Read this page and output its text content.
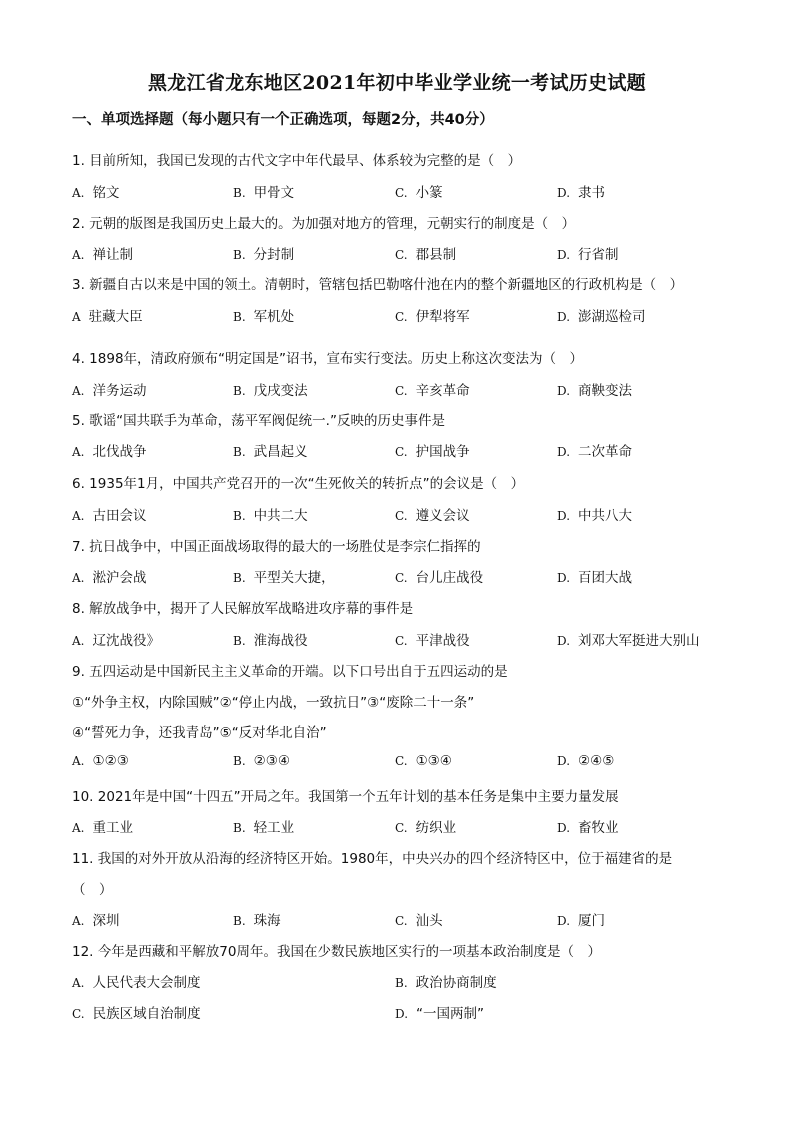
黑龙江省龙东地区2021年初中毕业学业统一考试历史试题
一、单项选择题（每小题只有一个正确选项，每题2分，共40分）
1. 目前所知，我国已发现的古代文字中年代最早、体系较为完整的是（　）
A. 铭文	B. 甲骨文	C. 小篆	D. 隶书
2. 元朝的版图是我国历史上最大的。为加强对地方的管理，元朝实行的制度是（　）
A. 禅让制	B. 分封制	C. 郡县制	D. 行省制
3. 新疆自古以来是中国的领土。清朝时，管辖包括巴勒喀什池在内的整个新疆地区的行政机构是（　）
A 驻藏大臣	B. 军机处	C. 伊犁将军	D. 澎湖巡检司
4. 1898年，清政府颁布“明定国是”诏书，宣布实行变法。历史上称这次变法为（　）
A. 洋务运动	B. 戊戌变法	C. 辛亥革命	D. 商鞅变法
5. 歌谣“国共联手为革命，荡平军阀促统一.”反映的历史事件是
A. 北伐战争	B. 武昌起义	C. 护国战争	D. 二次革命
6. 1935年1月，中国共产党召开的一次“生死攸关的转折点”的会议是（　）
A. 古田会议	B. 中共二大	C. 遵义会议	D. 中共八大
7. 抗日战争中，中国正面战场取得的最大的一场胜仗是李宗仁指挥的
A. 淞沪会战	B. 平型关大捷，	C. 台儿庄战役	D. 百团大战
8. 解放战争中，揭开了人民解放军战略进攻序幕的事件是
A. 辽沈战役》	B. 淮海战役	C. 平津战役	D. 刘邓大军挺进大别山
9. 五四运动是中国新民主主义革命的开端。以下口号出自于五四运动的是
①“外争主权，内除国贼”②“停止内战，一致抗日”③“废除二十一条”
④“誓死力争，还我青岛”⑤“反对华北自治”
A. ①②③	B. ②③④	C. ①③④	D. ②④⑤
10. 2021年是中国“十四五”开局之年。我国第一个五年计划的基本任务是集中主要力量发展
A. 重工业	B. 轻工业	C. 纺织业	D. 畜牧业
11. 我国的对外开放从沿海的经济特区开始。1980年，中央兴办的四个经济特区中，位于福建省的是
（　）
A. 深圳	B. 珠海	C. 汕头	D. 厦门
12. 今年是西藏和平解放70周年。我国在少数民族地区实行的一项基本政治制度是（　）
A. 人民代表大会制度	B. 政治协商制度
C. 民族区域自治制度	D. “一国两制”
